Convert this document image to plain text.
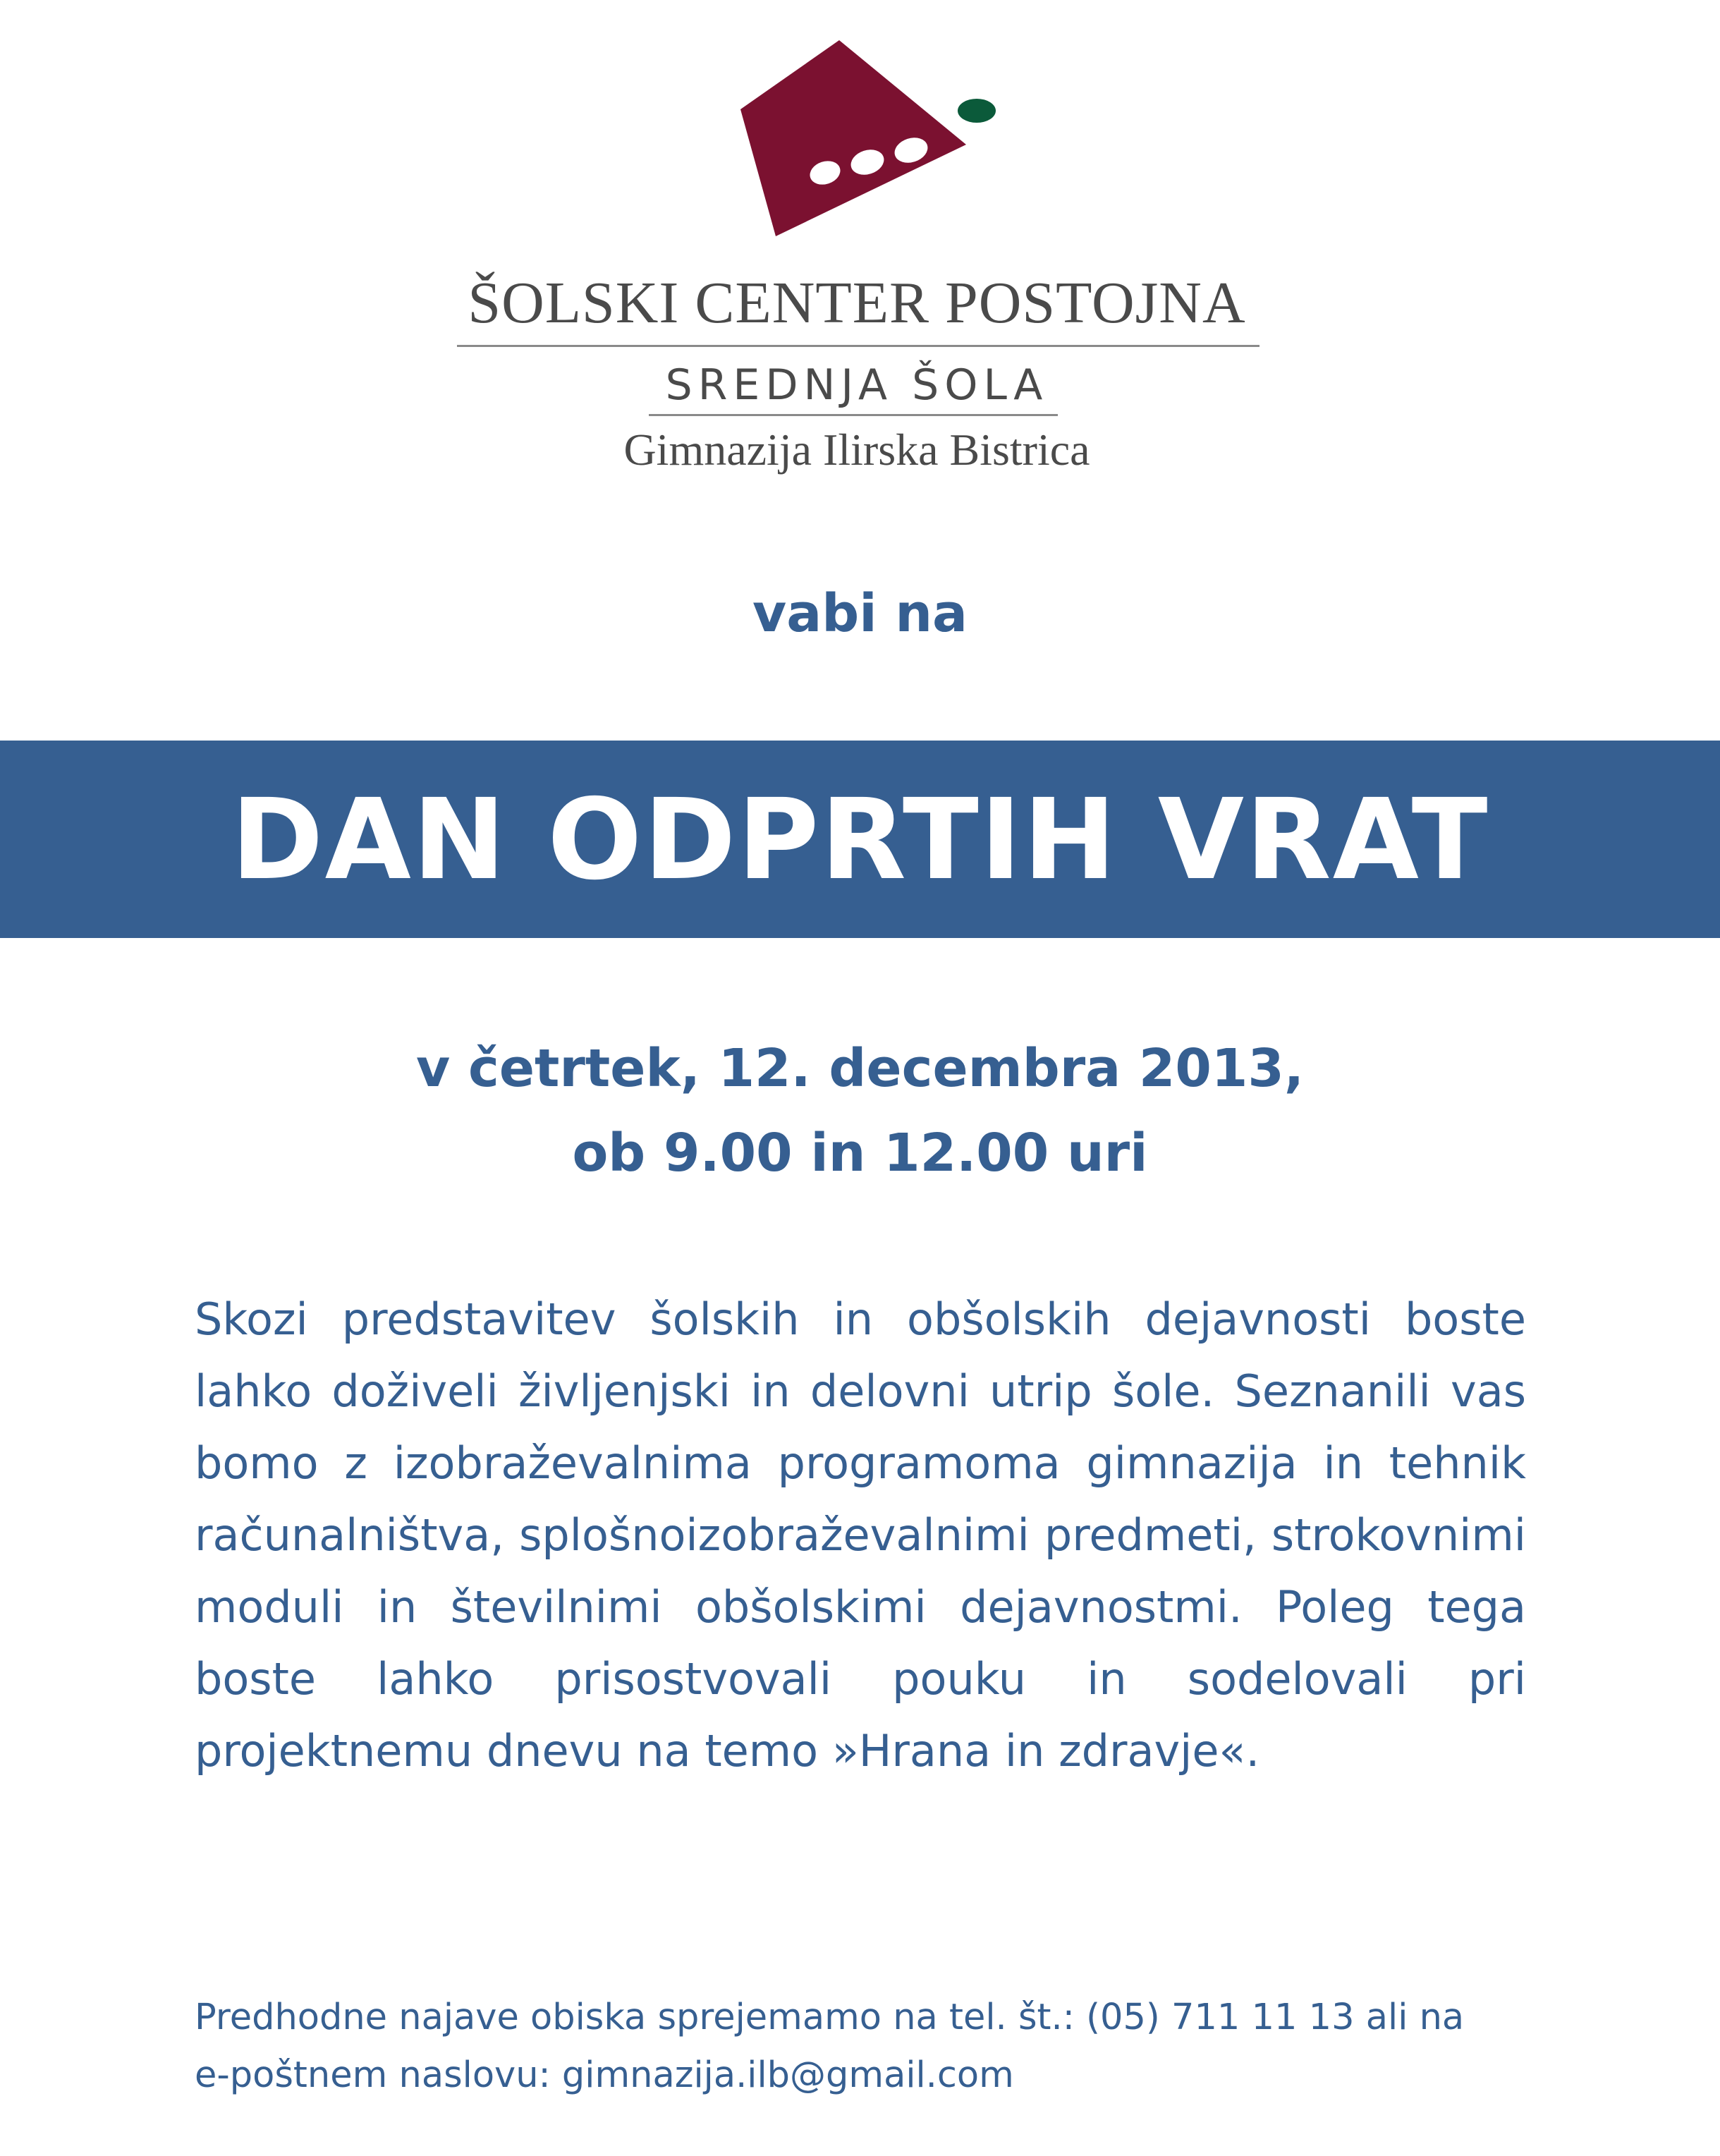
ŠOLSKI CENTER POSTOJNA
SREDNJA ŠOLA
Gimnazija Ilirska Bistrica
vabi na
DAN ODPRTIH VRAT
v četrtek, 12. decembra 2013,
ob 9.00 in 12.00 uri
Skozi predstavitev šolskih in obšolskih dejavnosti boste lahko doživeli življenjski in delovni utrip šole. Seznanili vas bomo z izobraževalnima programoma gimnazija in tehnik računalništva, splošnoizobraževalnimi predmeti, strokovnimi moduli in številnimi obšolskimi dejavnostmi. Poleg tega boste lahko prisostvovali pouku in sodelovali pri projektnemu dnevu na temo »Hrana in zdravje«.
Predhodne najave obiska sprejemamo na tel. št.: (05) 711 11 13 ali na
e-poštnem naslovu: gimnazija.ilb@gmail.com
